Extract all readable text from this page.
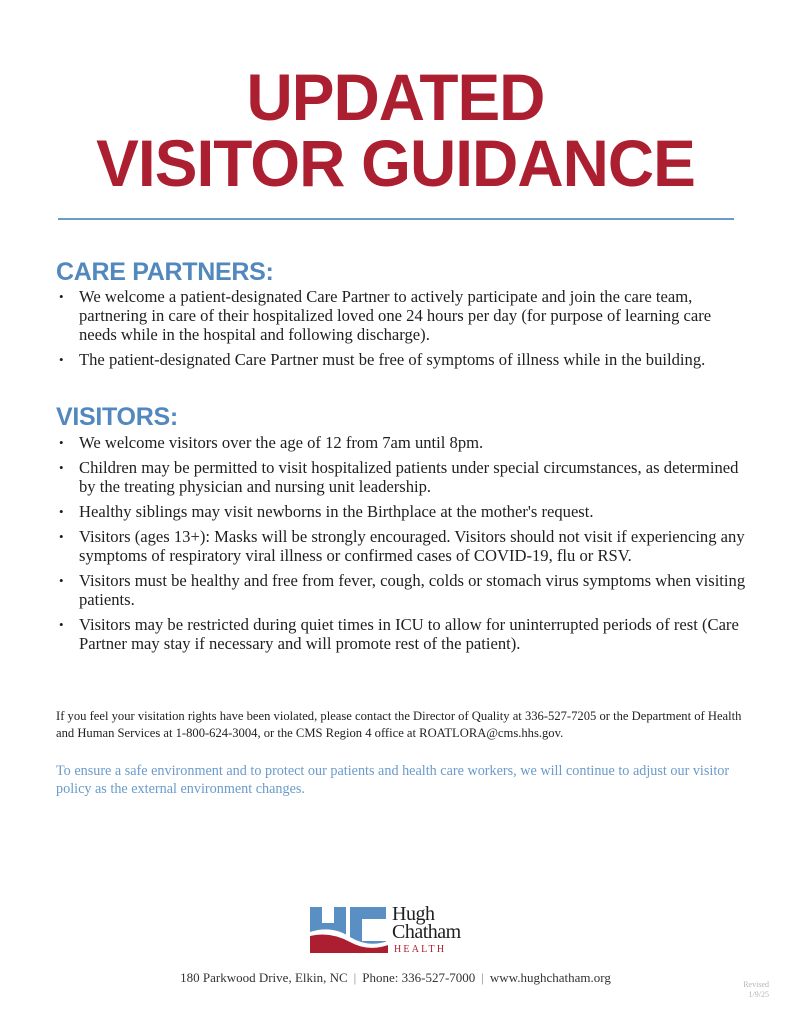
UPDATED
VISITOR GUIDANCE
CARE PARTNERS:
• We welcome a patient-designated Care Partner to actively participate and join the care team, partnering in care of their hospitalized loved one 24 hours per day (for purpose of learning care needs while in the hospital and following discharge).
• The patient-designated Care Partner must be free of symptoms of illness while in the building.
VISITORS:
• We welcome visitors over the age of 12 from 7am until 8pm.
• Children may be permitted to visit hospitalized patients under special circumstances, as determined by the treating physician and nursing unit leadership.
• Healthy siblings may visit newborns in the Birthplace at the mother's request.
• Visitors (ages 13+): Masks will be strongly encouraged. Visitors should not visit if experiencing any symptoms of respiratory viral illness or confirmed cases of COVID-19, flu or RSV.
• Visitors must be healthy and free from fever, cough, colds or stomach virus symptoms when visiting patients.
• Visitors may be restricted during quiet times in ICU to allow for uninterrupted periods of rest (Care Partner may stay if necessary and will promote rest of the patient).

If you feel your visitation rights have been violated, please contact the Director of Quality at 336-527-7205 or the Department of Health and Human Services at 1-800-624-3004, or the CMS Region 4 office at ROATLORA@cms.hhs.gov.

To ensure a safe environment and to protect our patients and health care workers, we will continue to adjust our visitor policy as the external environment changes.

Hugh
Chatham
HEALTH
180 Parkwood Drive, Elkin, NC | Phone: 336-527-7000 | www.hughchatham.org	Revised
1/9/25
